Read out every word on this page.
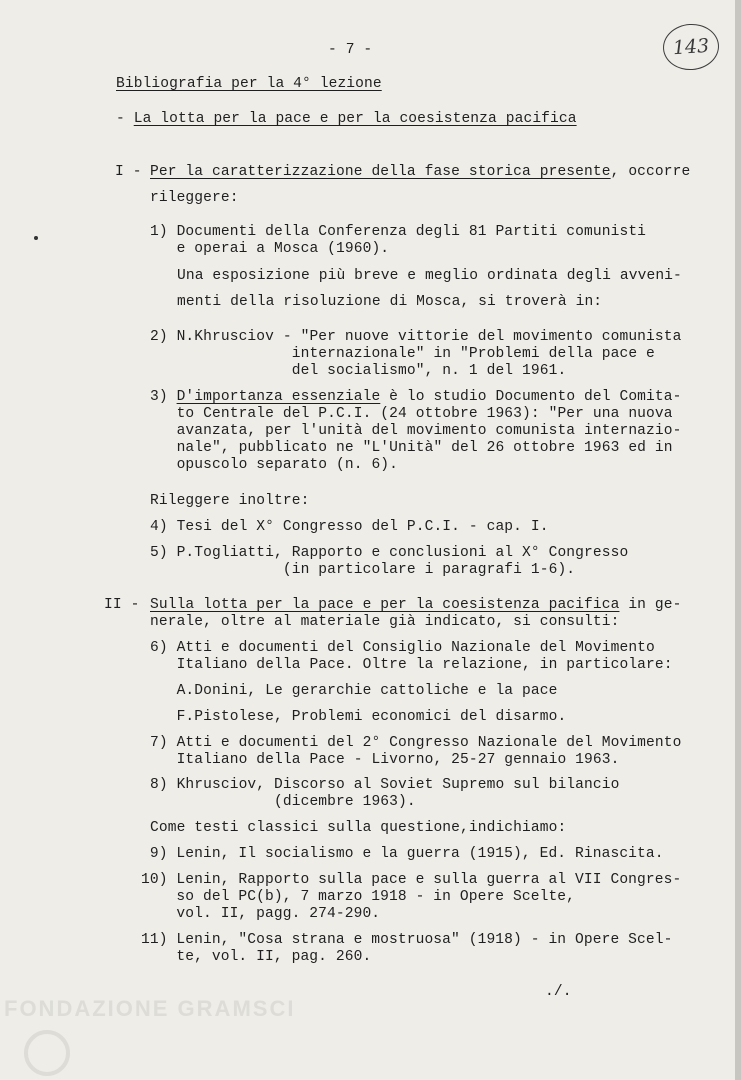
- 7 -	143
Bibliografia per la 4° lezione
- La lotta per la pace e per la coesistenza pacifica
I - Per la caratterizzazione della fase storica presente, occorre
rileggere:
1) Documenti della Conferenza degli 81 Partiti comunisti
e operai a Mosca (1960).
Una esposizione più breve e meglio ordinata degli avveni-
menti della risoluzione di Mosca, si troverà in:
2) N.Khrusciov - "Per nuove vittorie del movimento comunista
internazionale" in "Problemi della pace e
del socialismo", n. 1 del 1961.
3) D'importanza essenziale è lo studio Documento del Comita-
to Centrale del P.C.I. (24 ottobre 1963): "Per una nuova
avanzata, per l'unità del movimento comunista internazio-
nale", pubblicato ne "L'Unità" del 26 ottobre 1963 ed in
opuscolo separato (n. 6).
Rileggere inoltre:
4) Tesi del X° Congresso del P.C.I. - cap. I.
5) P.Togliatti, Rapporto e conclusioni al X° Congresso
(in particolare i paragrafi 1-6).
II - Sulla lotta per la pace e per la coesistenza pacifica in ge-
nerale, oltre al materiale già indicato, si consulti:
6) Atti e documenti del Consiglio Nazionale del Movimento
Italiano della Pace. Oltre la relazione, in particolare:
A.Donini, Le gerarchie cattoliche e la pace
F.Pistolese, Problemi economici del disarmo.
7) Atti e documenti del 2° Congresso Nazionale del Movimento
Italiano della Pace - Livorno, 25-27 gennaio 1963.
8) Khrusciov, Discorso al Soviet Supremo sul bilancio
(dicembre 1963).
Come testi classici sulla questione,indichiamo:
9) Lenin, Il socialismo e la guerra (1915), Ed. Rinascita.
10) Lenin, Rapporto sulla pace e sulla guerra al VII Congres-
so del PC(b), 7 marzo 1918 - in Opere Scelte,
vol. II, pagg. 274-290.
11) Lenin, "Cosa strana e mostruosa" (1918) - in Opere Scel-
te, vol. II, pag. 260.
./.
FONDAZIONE GRAMSCI
